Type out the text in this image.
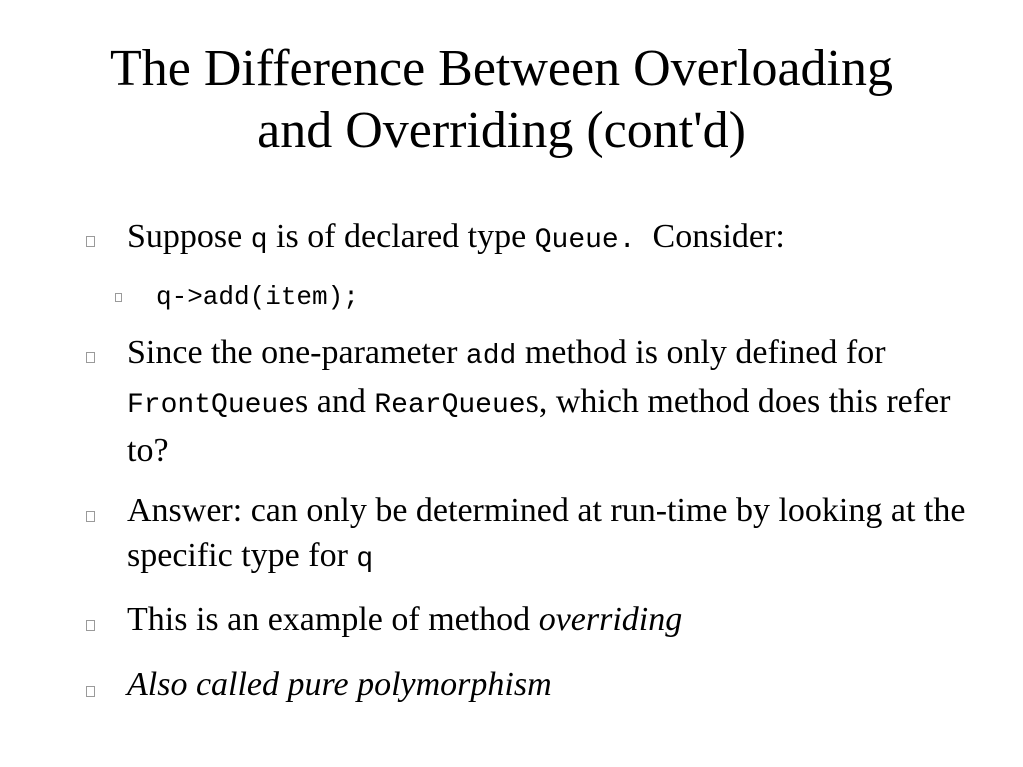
The Difference Between Overloading
and Overriding (cont'd)
Suppose q is of declared type Queue.  Consider:
q->add(item);
Since the one-parameter add method is only defined for FrontQueues and RearQueues, which method does this refer to?
Answer: can only be determined at run-time by looking at the specific type for q
This is an example of method overriding
Also called pure polymorphism
